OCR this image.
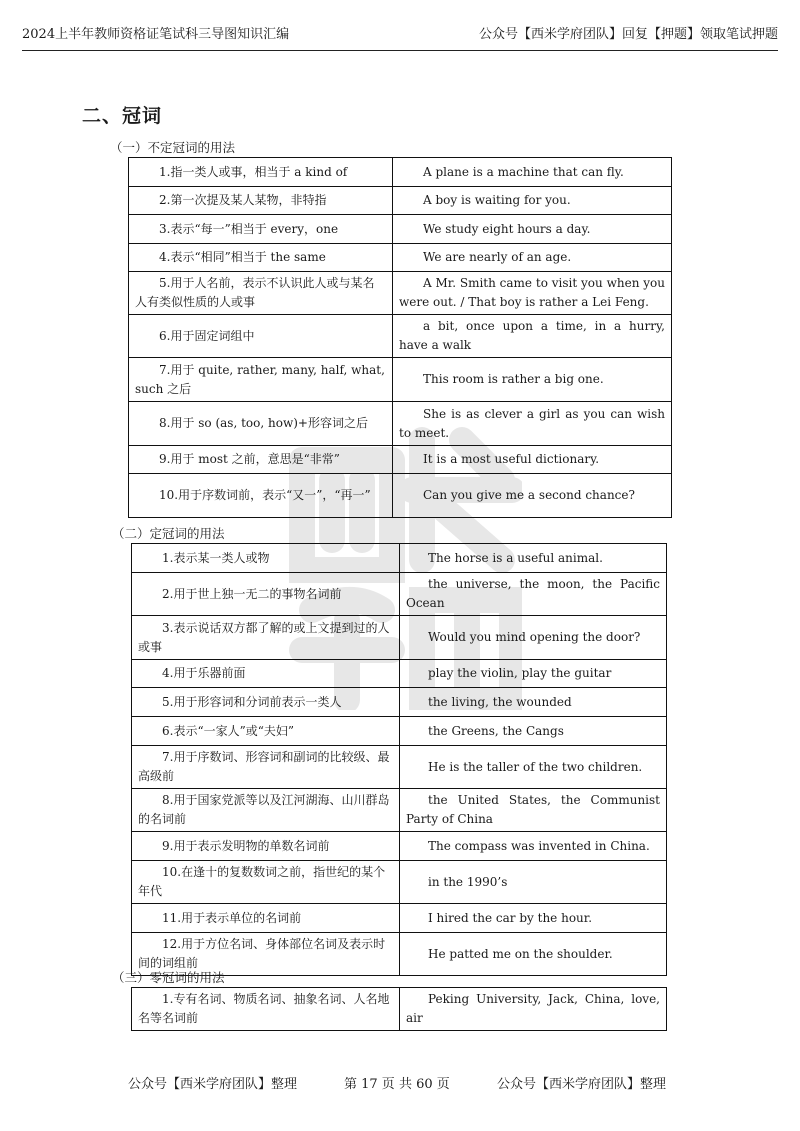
2024上半年教师资格证笔试科三导图知识汇编	公众号【西米学府团队】回复【押题】领取笔试押题
二、冠词
（一）不定冠词的用法
1.指一类人或事，相当于 a kind of	A plane is a machine that can fly.
2.第一次提及某人某物，非特指	A boy is waiting for you.
3.表示“每一”相当于 every，one	We study eight hours a day.
4.表示“相同”相当于 the same	We are nearly of an age.
5.用于人名前，表示不认识此人或与某名人有类似性质的人或事	A Mr. Smith came to visit you when you were out. / That boy is rather a Lei Feng.
6.用于固定词组中	a bit, once upon a time, in a hurry, have a walk
7.用于 quite, rather, many, half, what, such 之后	This room is rather a big one.
8.用于 so (as, too, how)+形容词之后	She is as clever a girl as you can wish to meet.
9.用于 most 之前，意思是“非常”	It is a most useful dictionary.
10.用于序数词前，表示“又一”，“再一”	Can you give me a second chance?
（二）定冠词的用法
1.表示某一类人或物	The horse is a useful animal.
2.用于世上独一无二的事物名词前	the universe, the moon, the Pacific Ocean
3.表示说话双方都了解的或上文提到过的人或事	Would you mind opening the door?
4.用于乐器前面	play the violin, play the guitar
5.用于形容词和分词前表示一类人	the living, the wounded
6.表示“一家人”或“夫妇”	the Greens, the Cangs
7.用于序数词、形容词和副词的比较级、最高级前	He is the taller of the two children.
8.用于国家党派等以及江河湖海、山川群岛的名词前	the United States, the Communist Party of China
9.用于表示发明物的单数名词前	The compass was invented in China.
10.在逢十的复数数词之前，指世纪的某个年代	in the 1990’s
11.用于表示单位的名词前	I hired the car by the hour.
12.用于方位名词、身体部位名词及表示时间的词组前	He patted me on the shoulder.
（三）零冠词的用法
1.专有名词、物质名词、抽象名词、人名地名等名词前	Peking University, Jack, China, love, air
公众号【西米学府团队】整理	第 17 页 共 60 页	公众号【西米学府团队】整理
